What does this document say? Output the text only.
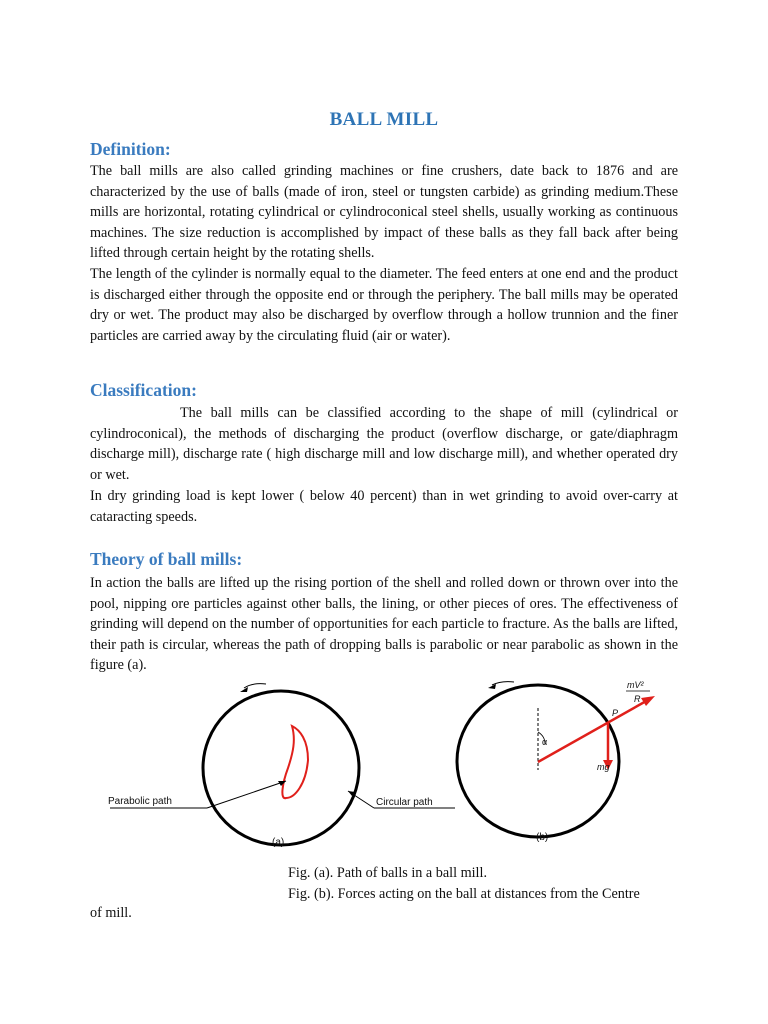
BALL MILL
Definition:

The ball mills are also called grinding machines or fine crushers, date back to 1876 and are characterized by the use of balls (made of iron, steel or tungsten carbide) as grinding medium.These mills are horizontal, rotating cylindrical or cylindroconical steel shells, usually working as continuous machines. The size reduction is accomplished by impact of these balls as they fall back after being lifted through certain height by the rotating shells.

The length of the cylinder is normally equal to the diameter. The feed enters at one end and the product is discharged either through the opposite end or through the periphery. The ball mills may be operated dry or wet. The product may also be discharged by overflow through a hollow trunnion and the finer particles are carried away by the circulating fluid (air or water).

Classification:

The ball mills can be classified according to the shape of mill (cylindrical or cylindroconical), the methods of discharging the product (overflow discharge, or gate/diaphragm discharge mill), discharge rate ( high discharge mill and low discharge mill), and whether operated dry or wet.

In dry grinding load is kept lower ( below 40 percent) than in wet grinding to avoid over-carry at cataracting speeds.

Theory of ball mills:

In action the balls are lifted up the rising portion of the shell and rolled down or thrown over into the pool, nipping ore particles against other balls, the lining, or other pieces of ores. The effectiveness of grinding will depend on the number of opportunities for each particle to fracture. As the balls are lifted, their path is circular, whereas the path of dropping balls is parabolic or near parabolic as shown in the figure (a).

Parabolic path	Circular path
(a)
α
P
mg
mV²
R
(b)

Fig. (a). Path of balls in a ball mill.

Fig. (b). Forces acting on the ball at distances from the Centre

of mill.
